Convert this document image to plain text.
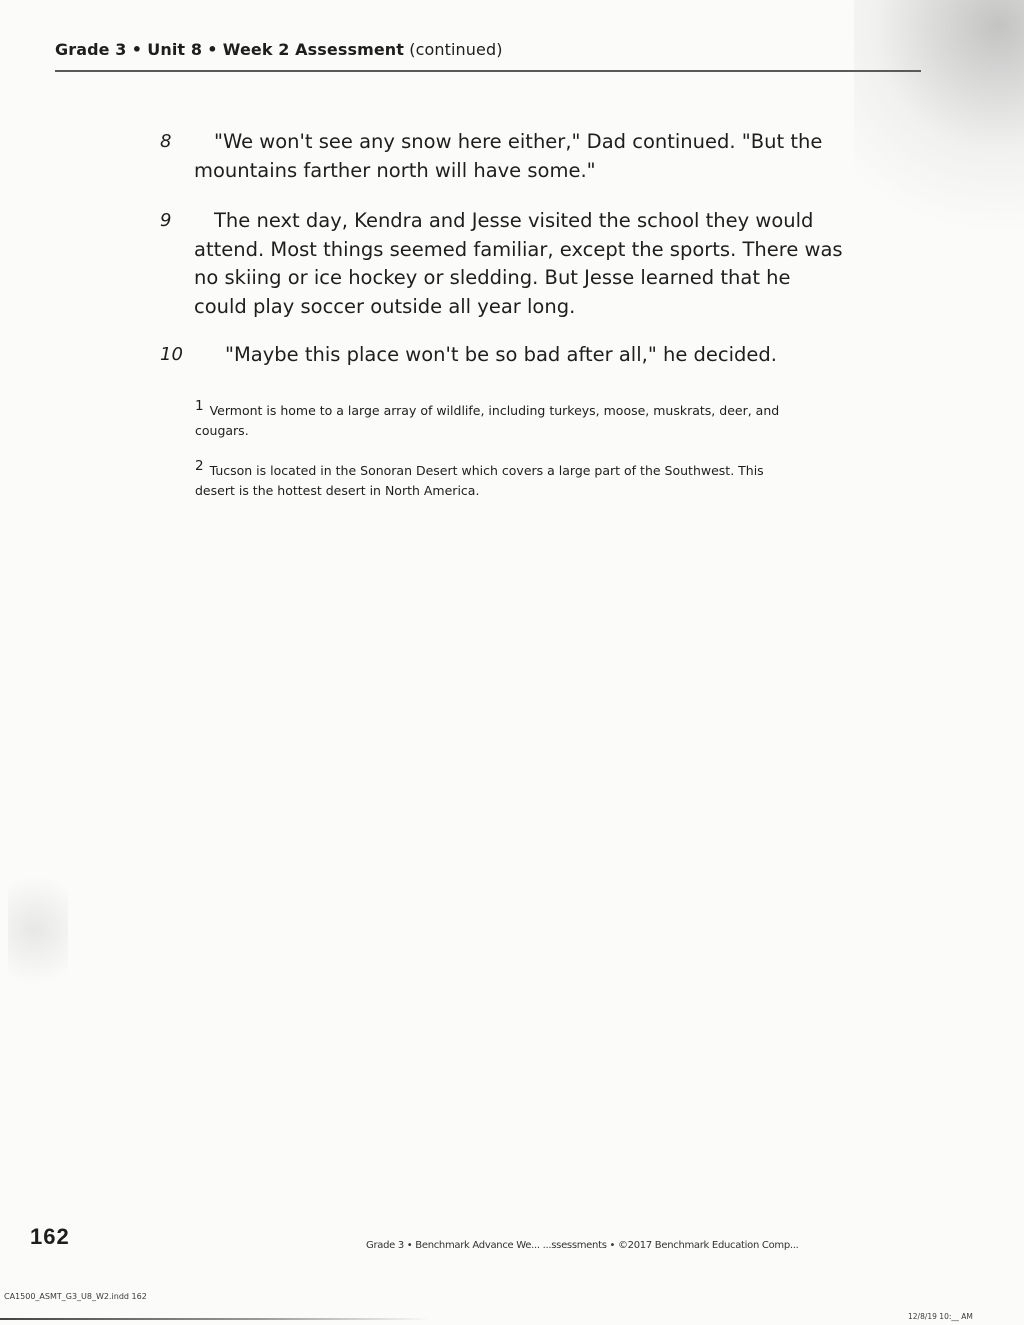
Grade 3 • Unit 8 • Week 2 Assessment (continued)
8	"We won't see any snow here either," Dad continued. "But the mountains farther north will have some."
9	The next day, Kendra and Jesse visited the school they would attend. Most things seemed familiar, except the sports. There was no skiing or ice hockey or sledding. But Jesse learned that he could play soccer outside all year long.
10	"Maybe this place won't be so bad after all," he decided.
1 Vermont is home to a large array of wildlife, including turkeys, moose, muskrats, deer, and cougars.
2 Tucson is located in the Sonoran Desert which covers a large part of the Southwest. This desert is the hottest desert in North America.
162	Grade 3 • Benchmark Advance We... ...ssessments • ©2017 Benchmark Education Comp...
CA1500_ASMT_G3_U8_W2.indd 162
12/8/19 10:__ AM
